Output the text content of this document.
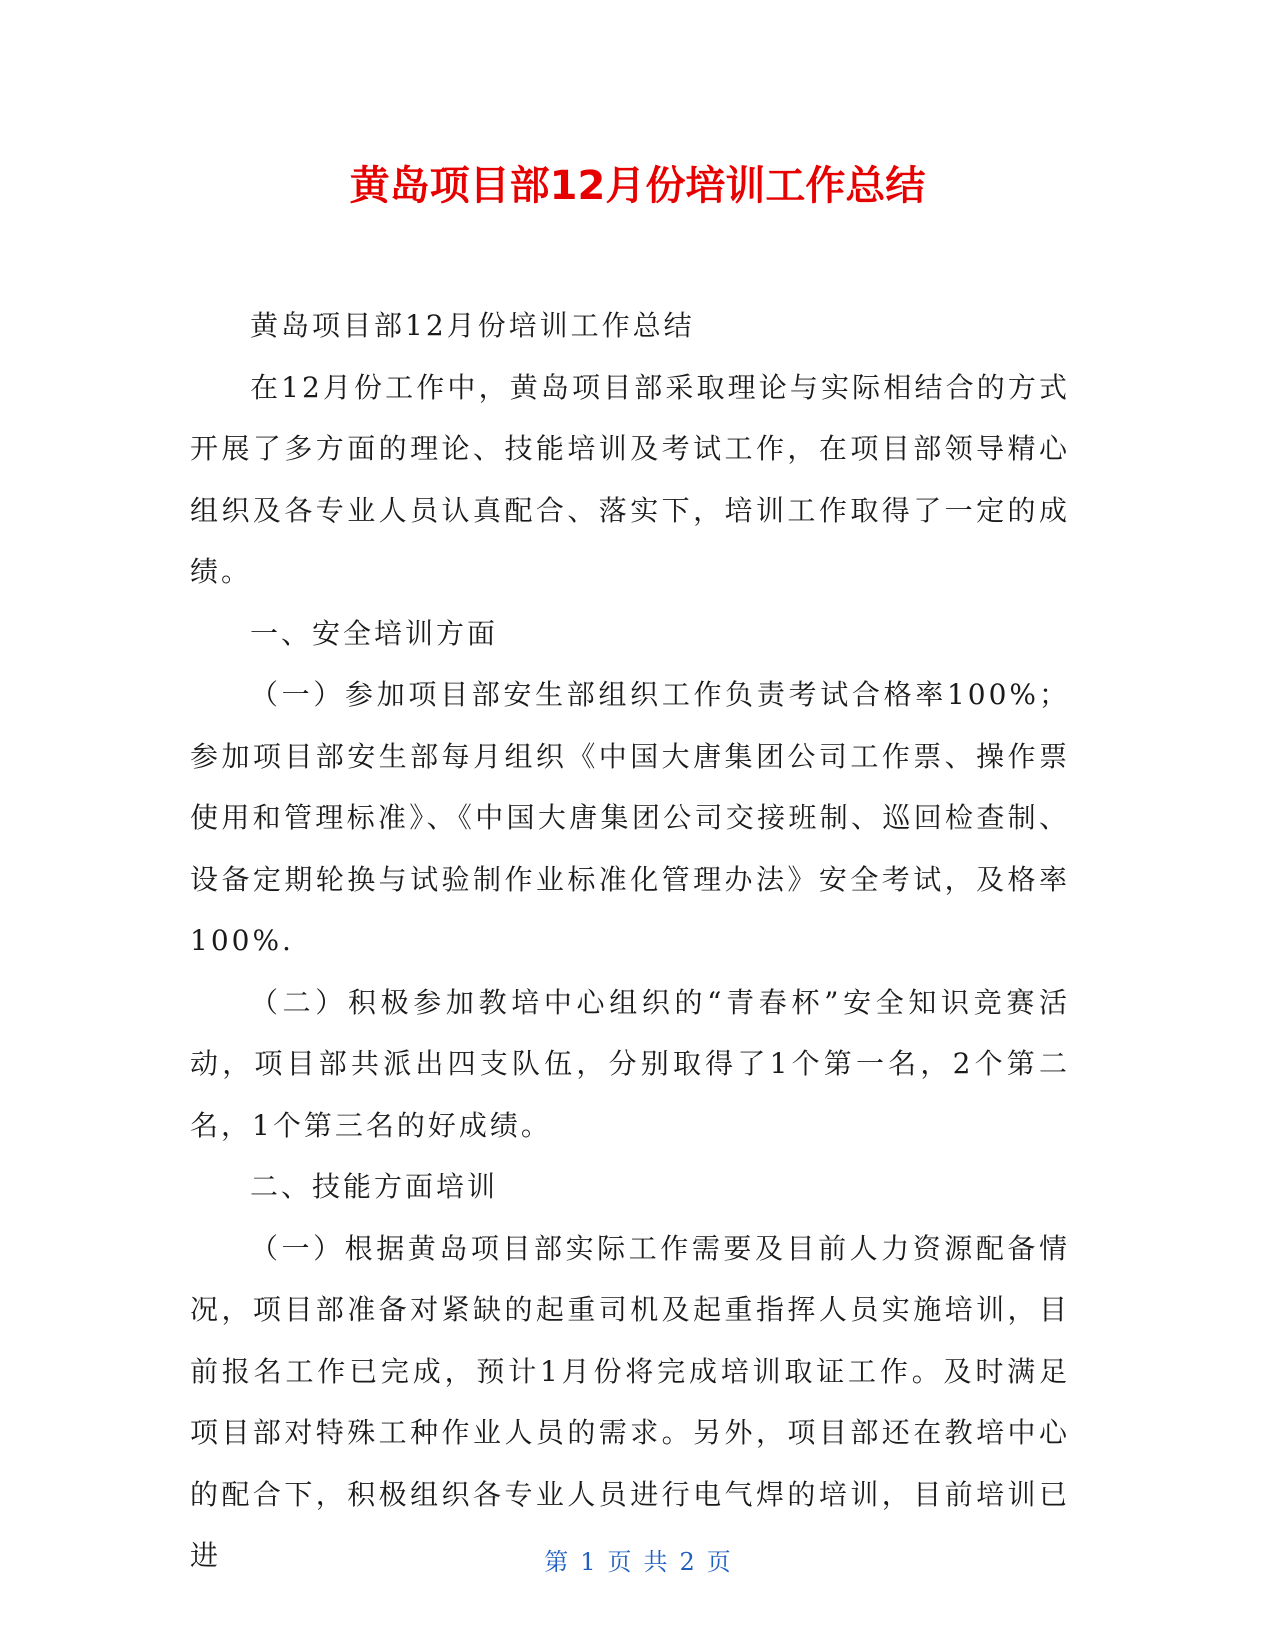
黄岛项目部12月份培训工作总结

黄岛项目部12月份培训工作总结

在12月份工作中，黄岛项目部采取理论与实际相结合的方式开展了多方面的理论、技能培训及考试工作，在项目部领导精心组织及各专业人员认真配合、落实下，培训工作取得了一定的成绩。

一、安全培训方面

（一）参加项目部安生部组织工作负责考试合格率100%；参加项目部安生部每月组织《中国大唐集团公司工作票、操作票使用和管理标准》、《中国大唐集团公司交接班制、巡回检查制、设备定期轮换与试验制作业标准化管理办法》安全考试，及格率100%.

（二）积极参加教培中心组织的“青春杯”安全知识竞赛活动，项目部共派出四支队伍，分别取得了1个第一名，2个第二名，1个第三名的好成绩。

二、技能方面培训

（一）根据黄岛项目部实际工作需要及目前人力资源配备情况，项目部准备对紧缺的起重司机及起重指挥人员实施培训，目前报名工作已完成，预计1月份将完成培训取证工作。及时满足项目部对特殊工种作业人员的需求。另外，项目部还在教培中心的配合下，积极组织各专业人员进行电气焊的培训，目前培训已进	第 1 页 共 2 页
